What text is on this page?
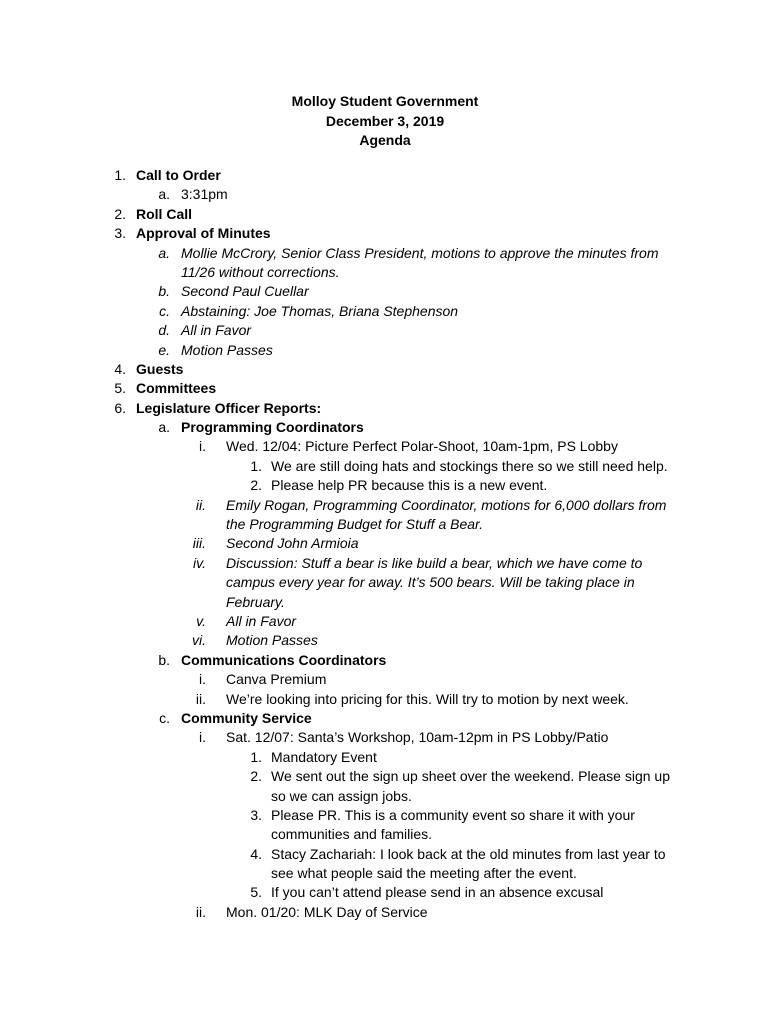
Molloy Student Government
December 3, 2019
Agenda
1. Call to Order
a. 3:31pm
2. Roll Call
3. Approval of Minutes
a. Mollie McCrory, Senior Class President, motions to approve the minutes from
11/26 without corrections.
b. Second Paul Cuellar
c. Abstaining: Joe Thomas, Briana Stephenson
d. All in Favor
e. Motion Passes
4. Guests
5. Committees
6. Legislature Officer Reports:
a. Programming Coordinators
i. Wed. 12/04: Picture Perfect Polar-Shoot, 10am-1pm, PS Lobby
1. We are still doing hats and stockings there so we still need help.
2. Please help PR because this is a new event.
ii. Emily Rogan, Programming Coordinator, motions for 6,000 dollars from
the Programming Budget for Stuff a Bear.
iii. Second John Armioia
iv. Discussion: Stuff a bear is like build a bear, which we have come to
campus every year for away. It’s 500 bears. Will be taking place in
February.
v. All in Favor
vi. Motion Passes
b. Communications Coordinators
i. Canva Premium
ii. We’re looking into pricing for this. Will try to motion by next week.
c. Community Service
i. Sat. 12/07: Santa’s Workshop, 10am-12pm in PS Lobby/Patio
1. Mandatory Event
2. We sent out the sign up sheet over the weekend. Please sign up
so we can assign jobs.
3. Please PR. This is a community event so share it with your
communities and families.
4. Stacy Zachariah: I look back at the old minutes from last year to
see what people said the meeting after the event.
5. If you can’t attend please send in an absence excusal
ii. Mon. 01/20: MLK Day of Service
